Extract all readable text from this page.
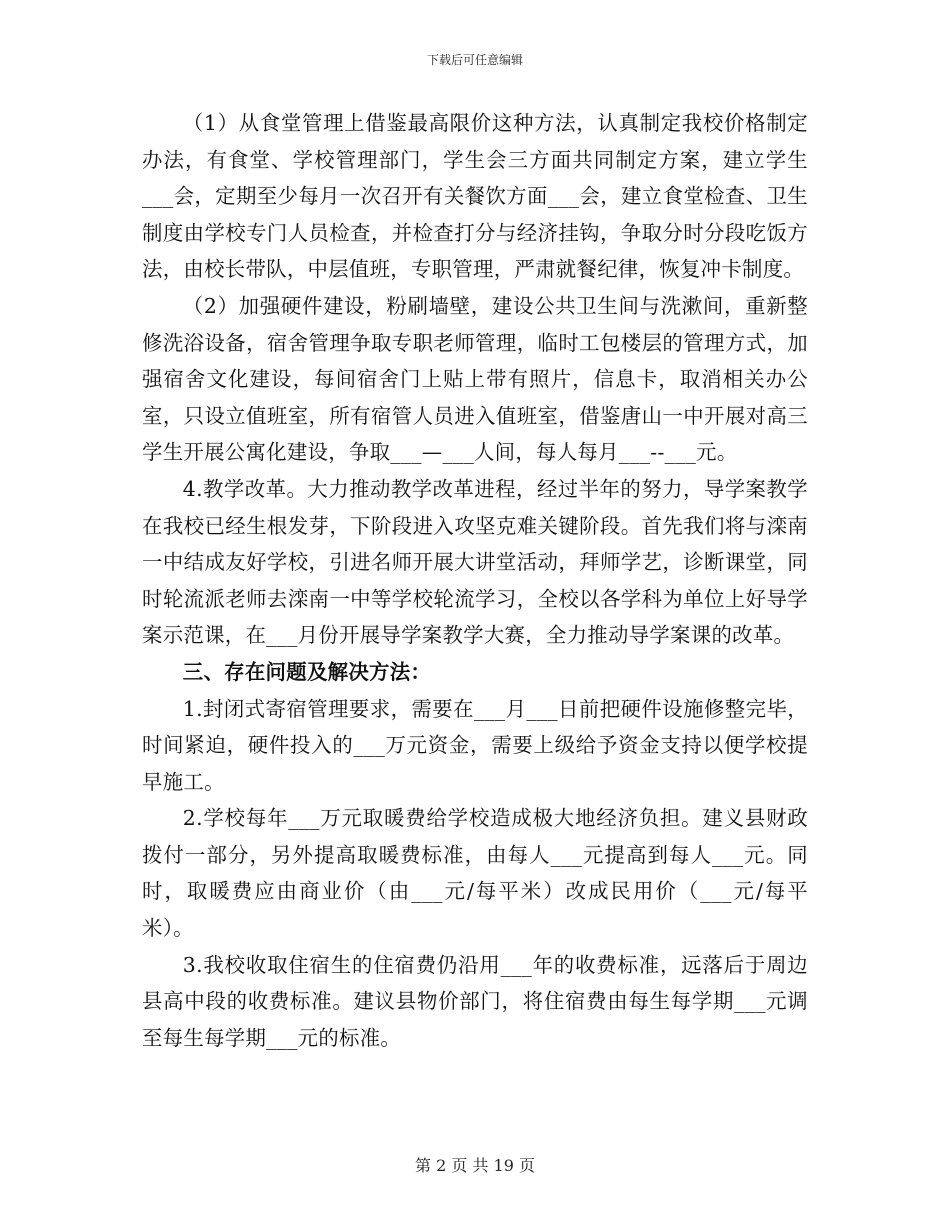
下载后可任意编辑

（1）从食堂管理上借鉴最高限价这种方法，认真制定我校价格制定办法，有食堂、学校管理部门，学生会三方面共同制定方案，建立学生___会，定期至少每月一次召开有关餐饮方面___会，建立食堂检查、卫生制度由学校专门人员检查，并检查打分与经济挂钩，争取分时分段吃饭方法，由校长带队，中层值班，专职管理，严肃就餐纪律，恢复冲卡制度。

（2）加强硬件建设，粉刷墙壁，建设公共卫生间与洗漱间，重新整修洗浴设备，宿舍管理争取专职老师管理，临时工包楼层的管理方式，加强宿舍文化建设，每间宿舍门上贴上带有照片，信息卡，取消相关办公室，只设立值班室，所有宿管人员进入值班室，借鉴唐山一中开展对高三学生开展公寓化建设，争取___—___人间，每人每月___--___元。

4.教学改革。大力推动教学改革进程，经过半年的努力，导学案教学在我校已经生根发芽，下阶段进入攻坚克难关键阶段。首先我们将与滦南一中结成友好学校，引进名师开展大讲堂活动，拜师学艺，诊断课堂，同时轮流派老师去滦南一中等学校轮流学习，全校以各学科为单位上好导学案示范课，在___月份开展导学案教学大赛，全力推动导学案课的改革。

三、存在问题及解决方法：

1.封闭式寄宿管理要求，需要在___月___日前把硬件设施修整完毕，时间紧迫，硬件投入的___万元资金，需要上级给予资金支持以便学校提早施工。

2.学校每年___万元取暖费给学校造成极大地经济负担。建义县财政拨付一部分，另外提高取暖费标准，由每人___元提高到每人___元。同时，取暖费应由商业价（由___元/每平米）改成民用价（___元/每平米）。

3.我校收取住宿生的住宿费仍沿用___年的收费标准，远落后于周边县高中段的收费标准。建议县物价部门，将住宿费由每生每学期___元调至每生每学期___元的标准。

第 2 页 共 19 页
